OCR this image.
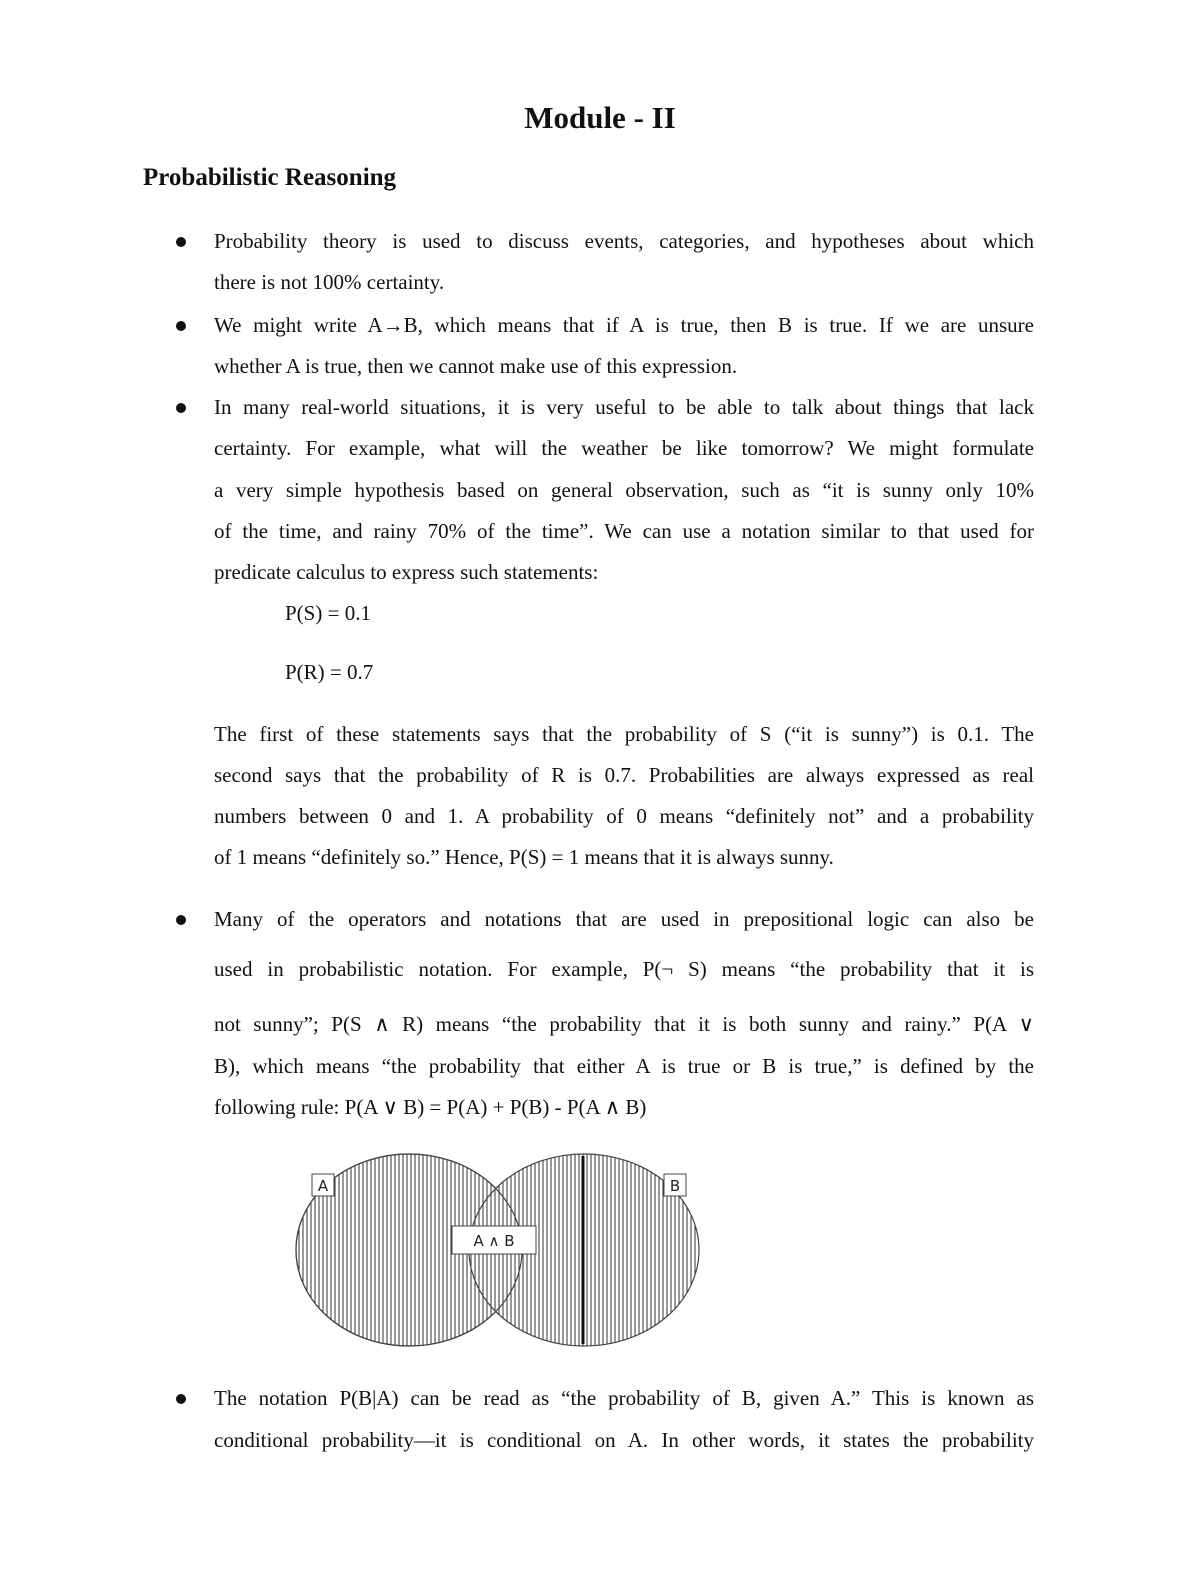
Module - II
Probabilistic Reasoning
Probability theory is used to discuss events, categories, and hypotheses about which
there is not 100% certainty.
We might write A→B, which means that if A is true, then B is true. If we are unsure
whether A is true, then we cannot make use of this expression.
In many real-world situations, it is very useful to be able to talk about things that lack
certainty. For example, what will the weather be like tomorrow? We might formulate
a very simple hypothesis based on general observation, such as “it is sunny only 10%
of the time, and rainy 70% of the time”. We can use a notation similar to that used for
predicate calculus to express such statements:
P(S) = 0.1
P(R) = 0.7
The first of these statements says that the probability of S (“it is sunny”) is 0.1. The
second says that the probability of R is 0.7. Probabilities are always expressed as real
numbers between 0 and 1. A probability of 0 means “definitely not” and a probability
of 1 means “definitely so.” Hence, P(S) = 1 means that it is always sunny.
Many of the operators and notations that are used in prepositional logic can also be
used in probabilistic notation. For example, P(¬ S) means “the probability that it is
not sunny”; P(S ∧ R) means “the probability that it is both sunny and rainy.” P(A ∨
B), which means “the probability that either A is true or B is true,” is defined by the
following rule: P(A ∨ B) = P(A) + P(B) - P(A ∧ B)
A	B
A ∧ B
The notation P(B|A) can be read as “the probability of B, given A.” This is known as
conditional probability—it is conditional on A. In other words, it states the probability
